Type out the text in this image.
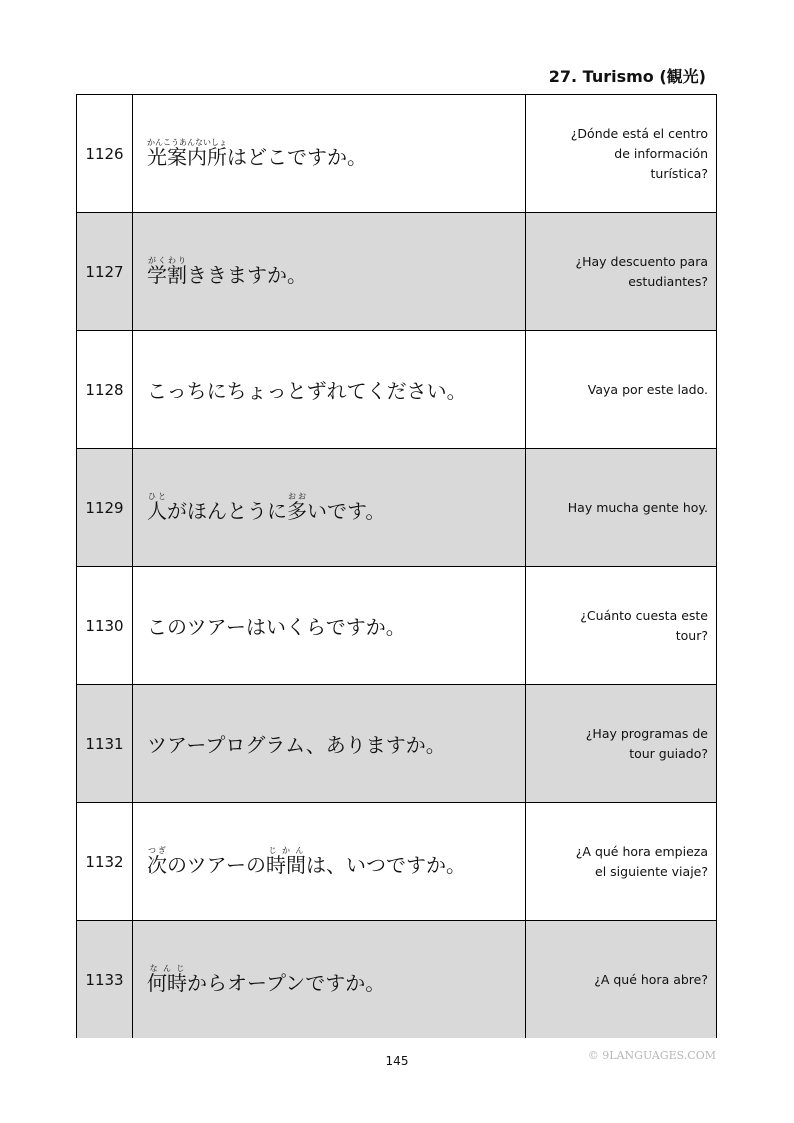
27. Turismo (観光)
1126	光案内所かんこうあんないしょはどこですか。	¿Dónde está el centro de información turística?
1127	学割がくわりききますか。	¿Hay descuento para estudiantes?
1128	こっちにちょっとずれてください。	Vaya por este lado.
1129	人ひとがほんとうに多おおいです。	Hay mucha gente hoy.
1130	このツアーはいくらですか。	¿Cuánto cuesta este tour?
1131	ツアープログラム、ありますか。	¿Hay programas de tour guiado?
1132	次つぎのツアーの時間じかんは、いつですか。	¿A qué hora empieza el siguiente viaje?
1133	何時なんじからオープンですか。	¿A qué hora abre?
145	© 9LANGUAGES.COM
